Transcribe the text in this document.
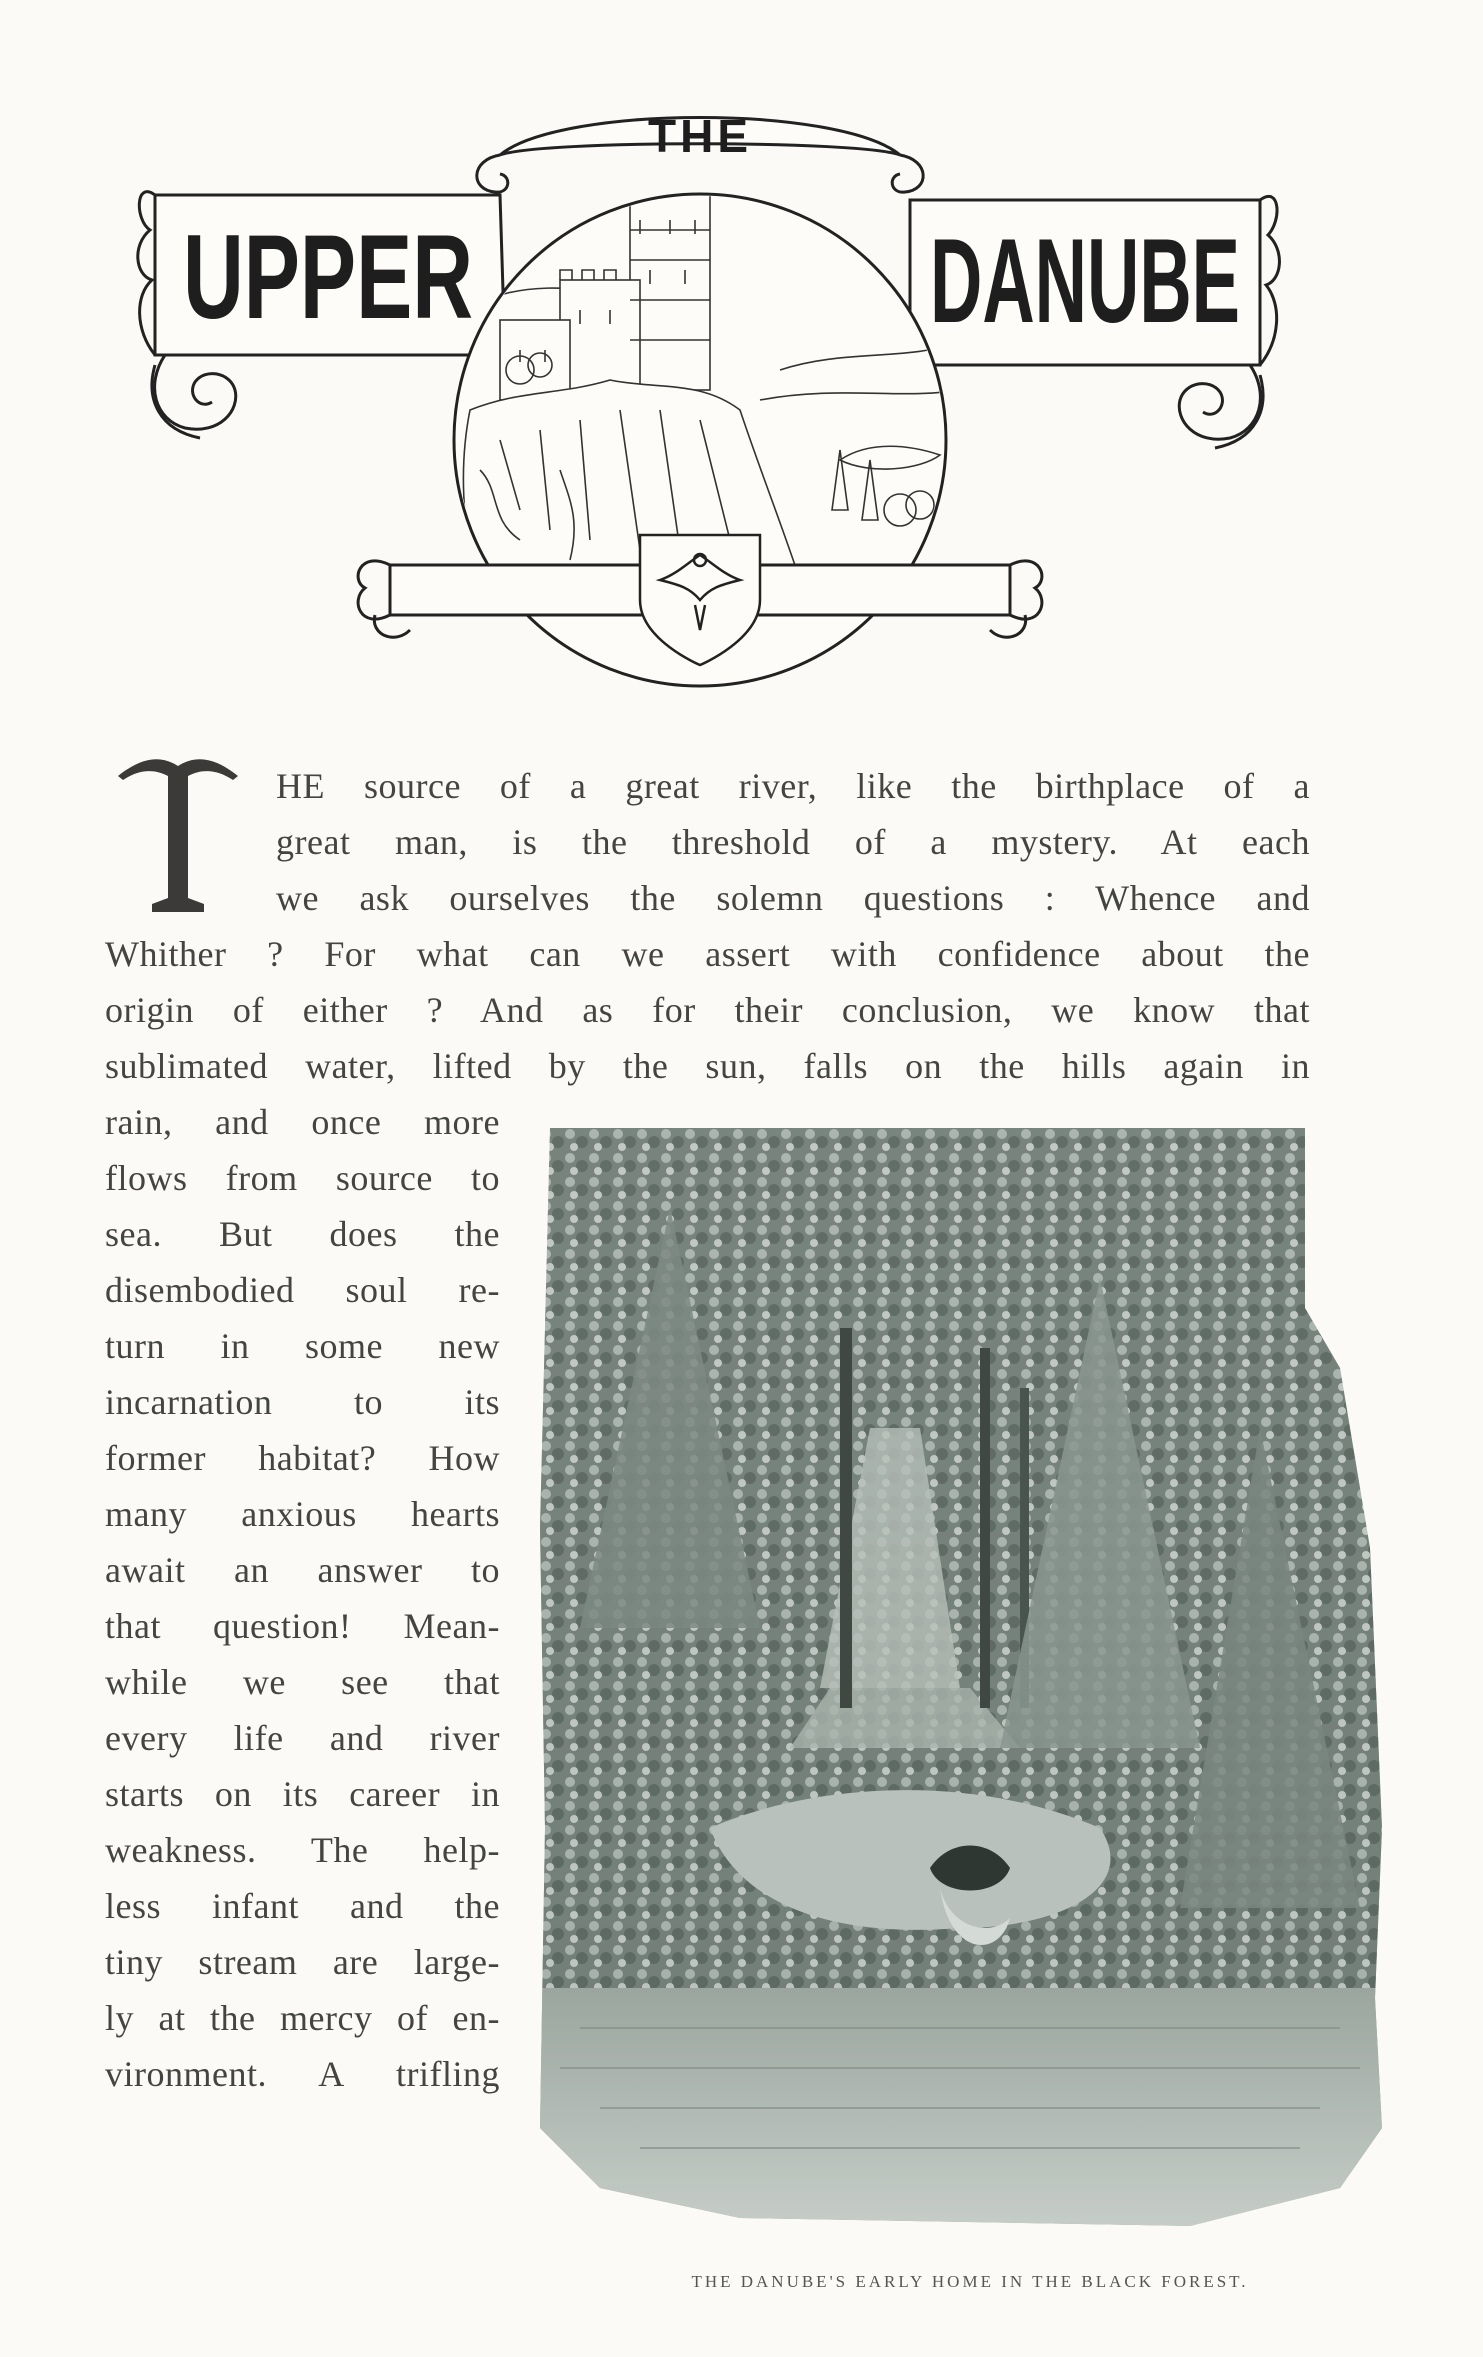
THE
UPPER	DANUBE
HE source of a great river, like the birthplace of a
great man, is the threshold of a mystery. At each
we ask ourselves the solemn questions : Whence and
Whither ? For what can we assert with confidence about the
origin of either ? And as for their conclusion, we know that
sublimated water, lifted by the sun, falls on the hills again in
rain, and once more
flows from source to
sea. But does the
disembodied soul re-
turn in some new
incarnation to its
former habitat? How
many anxious hearts
await an answer to
that question! Mean-
while we see that
every life and river
starts on its career in
weakness. The help-
less infant and the
tiny stream are large-
ly at the mercy of en-
vironment. A trifling
THE DANUBE'S EARLY HOME IN THE BLACK FOREST.
